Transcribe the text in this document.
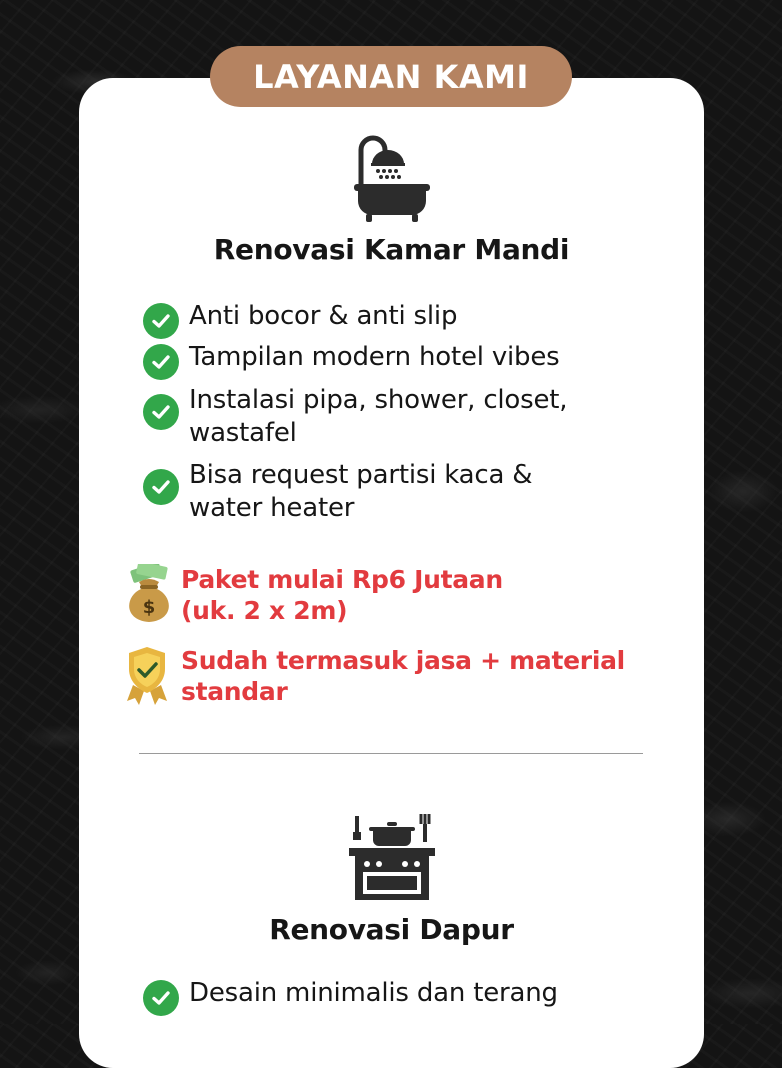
LAYANAN KAMI
Renovasi Kamar Mandi
Anti bocor & anti slip
Tampilan modern hotel vibes
Instalasi pipa, shower, closet, wastafel
Bisa request partisi kaca & water heater
$
Paket mulai Rp6 Jutaan (uk. 2 x 2m)
Sudah termasuk jasa + material standar
Renovasi Dapur
Desain minimalis dan terang
